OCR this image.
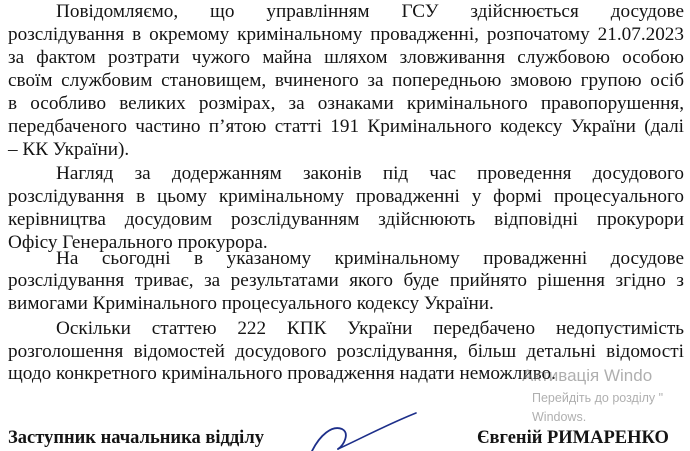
Повідомляємо, що управлінням ГСУ здійснюється досудове
розслідування в окремому кримінальному провадженні, розпочатому 21.07.2023
за фактом розтрати чужого майна шляхом зловживання службовою особою
своїм службовим становищем, вчиненого за попередньою змовою групою осіб
в особливо великих розмірах, за ознаками кримінального правопорушення,
передбаченого частино п’ятою статті 191 Кримінального кодексу України (далі
– КК України).
Нагляд за додержанням законів під час проведення досудового
розслідування в цьому кримінальному провадженні у формі процесуального
керівництва досудовим розслідуванням здійснюють відповідні прокурори
Офісу Генерального прокурора.
На сьогодні в указаному кримінальному провадженні досудове
розслідування триває, за результатами якого буде прийнято рішення згідно з
вимогами Кримінального процесуального кодексу України.
Оскільки статтею 222 КПК України передбачено недопустимість
розголошення відомостей досудового розслідування, більш детальні відомості
щодо конкретного кримінального провадження надати неможливо.
Активація Windo
Перейдіть до розділу "
Windows.
Заступник начальника відділу	Євгеній РИМАРЕНКО
